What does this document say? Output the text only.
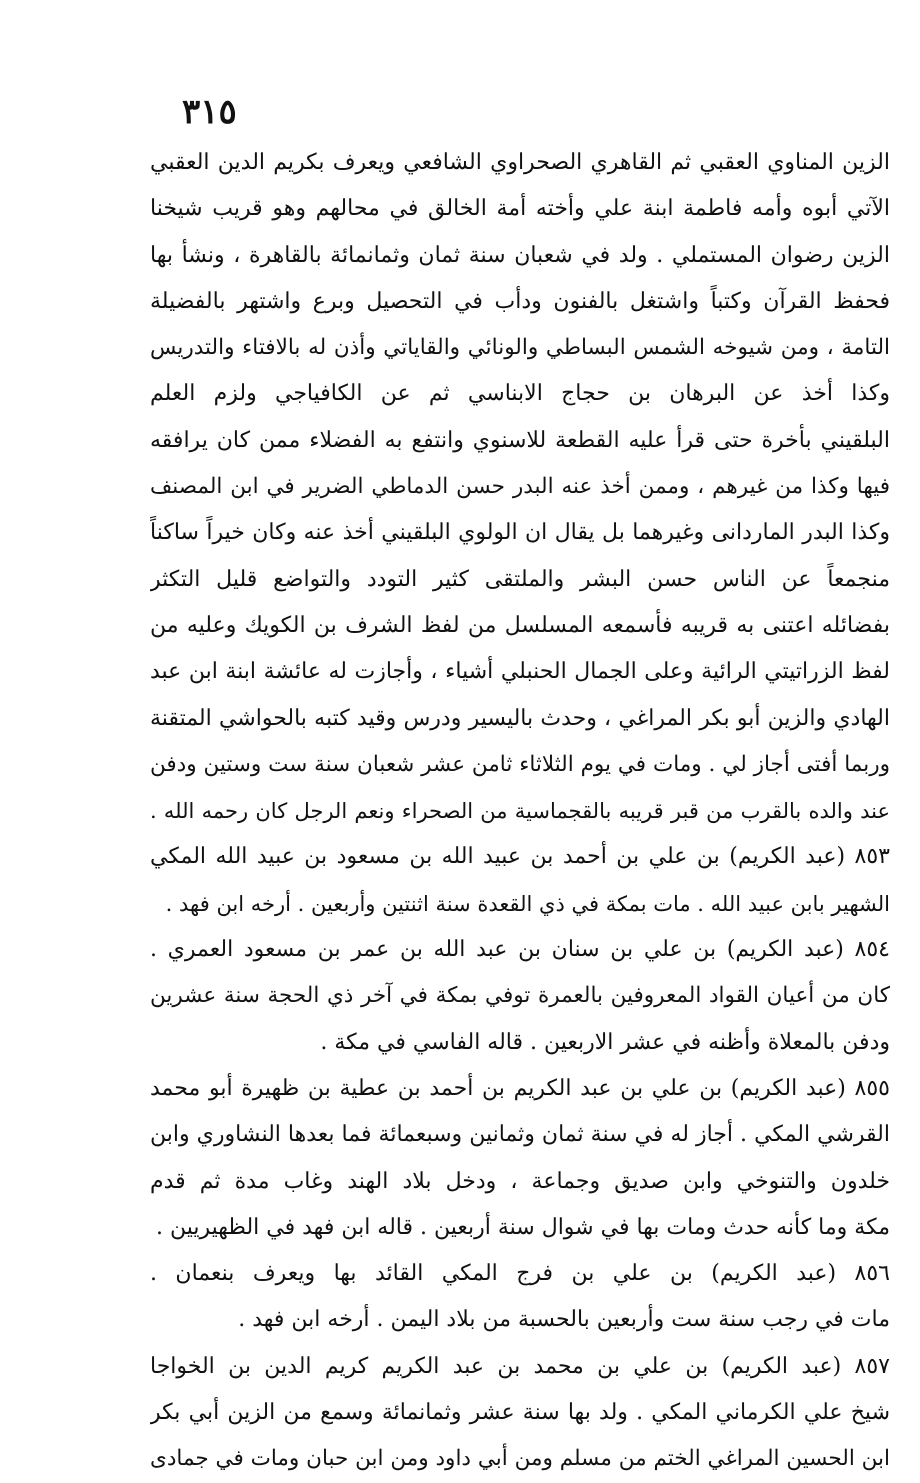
٣١٥
الزين المناوي العقبي ثم القاهري الصحراوي الشافعي ويعرف بكريم الدين العقبي
الآتي أبوه وأمه فاطمة ابنة علي وأخته أمة الخالق في محالهم وهو قريب شيخنا
الزين رضوان المستملي . ولد في شعبان سنة ثمان وثمانمائة بالقاهرة ، ونشأ بها
فحفظ القرآن وكتباً واشتغل بالفنون ودأب في التحصيل وبرع واشتهر بالفضيلة
التامة ، ومن شيوخه الشمس البساطي والونائي والقاياتي وأذن له بالافتاء والتدريس
وكذا أخذ عن البرهان بن حجاج الابناسي ثم عن الكافياجي ولزم العلم
البلقيني بأخرة حتى قرأ عليه القطعة للاسنوي وانتفع به الفضلاء ممن كان يرافقه
فيها وكذا من غيرهم ، وممن أخذ عنه البدر حسن الدماطي الضرير في ابن المصنف
وكذا البدر الماردانى وغيرهما بل يقال ان الولوي البلقيني أخذ عنه وكان خيراً ساكناً
منجمعاً عن الناس حسن البشر والملتقى كثير التودد والتواضع قليل التكثر
بفضائله اعتنى به قريبه فأسمعه المسلسل من لفظ الشرف بن الكويك وعليه من
لفظ الزراتيتي الرائية وعلى الجمال الحنبلي أشياء ، وأجازت له عائشة ابنة ابن عبد
الهادي والزين أبو بكر المراغي ، وحدث باليسير ودرس وقيد كتبه بالحواشي المتقنة
وربما أفتى أجاز لي . ومات في يوم الثلاثاء ثامن عشر شعبان سنة ست وستين ودفن
عند والده بالقرب من قبر قريبه بالقجماسية من الصحراء ونعم الرجل كان رحمه الله .
٨٥٣ (عبد الكريم) بن علي بن أحمد بن عبيد الله بن مسعود بن عبيد الله المكي
الشهير بابن عبيد الله . مات بمكة في ذي القعدة سنة اثنتين وأربعين . أرخه ابن فهد .
٨٥٤ (عبد الكريم) بن علي بن سنان بن عبد الله بن عمر بن مسعود العمري .
كان من أعيان القواد المعروفين بالعمرة توفي بمكة في آخر ذي الحجة سنة عشرين
ودفن بالمعلاة وأظنه في عشر الاربعين . قاله الفاسي في مكة .
٨٥٥ (عبد الكريم) بن علي بن عبد الكريم بن أحمد بن عطية بن ظهيرة أبو محمد
القرشي المكي . أجاز له في سنة ثمان وثمانين وسبعمائة فما بعدها النشاوري وابن
خلدون والتنوخي وابن صديق وجماعة ، ودخل بلاد الهند وغاب مدة ثم قدم
مكة وما كأنه حدث ومات بها في شوال سنة أربعين . قاله ابن فهد في الظهيريين .
٨٥٦ (عبد الكريم) بن علي بن فرج المكي القائد بها ويعرف بنعمان .
مات في رجب سنة ست وأربعين بالحسبة من بلاد اليمن . أرخه ابن فهد .
٨٥٧ (عبد الكريم) بن علي بن محمد بن عبد الكريم كريم الدين بن الخواجا
شيخ علي الكرماني المكي . ولد بها سنة عشر وثمانمائة وسمع من الزين أبي بكر
ابن الحسين المراغي الختم من مسلم ومن أبي داود ومن ابن حبان ومات في جمادى
